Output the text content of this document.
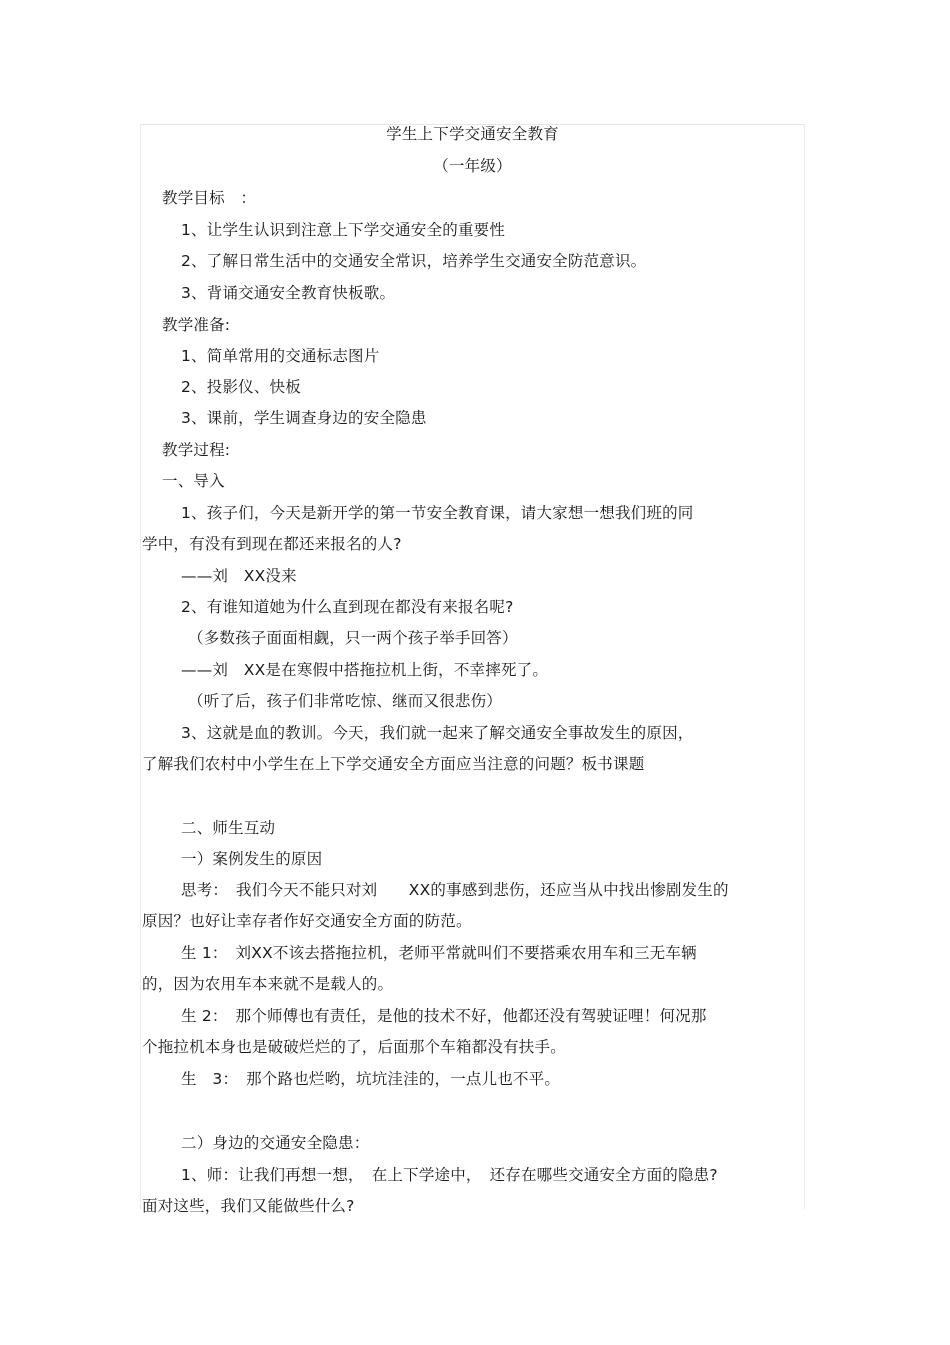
学生上下学交通安全教育
（一年级）
教学目标　：
1、让学生认识到注意上下学交通安全的重要性
2、了解日常生活中的交通安全常识，培养学生交通安全防范意识。
3、背诵交通安全教育快板歌。
教学准备:
1、简单常用的交通标志图片
2、投影仪、快板
3、课前，学生调查身边的安全隐患
教学过程:
一、导入
1、孩子们，今天是新开学的第一节安全教育课，请大家想一想我们班的同
学中，有没有到现在都还来报名的人?
——刘　XX没来
2、有谁知道她为什么直到现在都没有来报名呢?
（多数孩子面面相觑，只一两个孩子举手回答）
——刘　XX是在寒假中搭拖拉机上街，不幸摔死了。
（听了后，孩子们非常吃惊、继而又很悲伤）
3、这就是血的教训。今天，我们就一起来了解交通安全事故发生的原因，
了解我们农村中小学生在上下学交通安全方面应当注意的问题？板书课题
二、师生互动
一）案例发生的原因
思考：　我们今天不能只对刘　　XX的事感到悲伤，还应当从中找出惨剧发生的
原因？也好让幸存者作好交通安全方面的防范。
生 1：　刘XX不该去搭拖拉机，老师平常就叫们不要搭乘农用车和三无车辆
的，因为农用车本来就不是载人的。
生 2：　那个师傅也有责任，是他的技术不好，他都还没有驾驶证哩！何况那
个拖拉机本身也是破破烂烂的了，后面那个车箱都没有扶手。
生　3：　那个路也烂哟，坑坑洼洼的，一点儿也不平。
二）身边的交通安全隐患：
1、师：让我们再想一想，　在上下学途中，　还存在哪些交通安全方面的隐患?
面对这些，我们又能做些什么?
